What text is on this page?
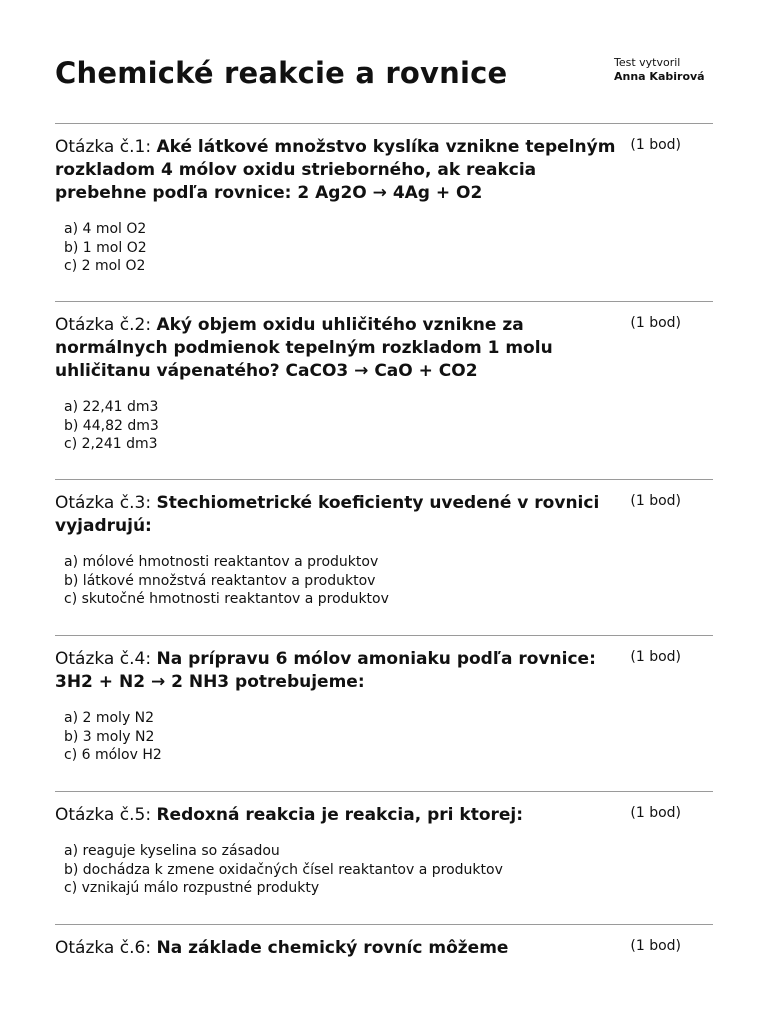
Chemické reakcie a rovnice	Test vytvoril
Anna Kabirová
Otázka č.1: Aké látkové množstvo kyslíka vznikne tepelným rozkladom 4 mólov oxidu strieborného, ak reakcia prebehne podľa rovnice: 2 Ag2O → 4Ag + O2
(1 bod)
a) 4 mol O2
b) 1 mol O2
c) 2 mol O2
Otázka č.2: Aký objem oxidu uhličitého vznikne za normálnych podmienok tepelným rozkladom 1 molu uhličitanu vápenatého? CaCO3 → CaO + CO2
(1 bod)
a) 22,41 dm3
b) 44,82 dm3
c) 2,241 dm3
Otázka č.3: Stechiometrické koeficienty uvedené v rovnici vyjadrujú:
(1 bod)
a) mólové hmotnosti reaktantov a produktov
b) látkové množstvá reaktantov a produktov
c) skutočné hmotnosti reaktantov a produktov
Otázka č.4: Na prípravu 6 mólov amoniaku podľa rovnice: 3H2 + N2 → 2 NH3 potrebujeme:
(1 bod)
a) 2 moly N2
b) 3 moly N2
c) 6 mólov H2
Otázka č.5: Redoxná reakcia je reakcia, pri ktorej:	(1 bod)
a) reaguje kyselina so zásadou
b) dochádza k zmene oxidačných čísel reaktantov a produktov
c) vznikajú málo rozpustné produkty
Otázka č.6: Na základe chemický rovníc môžeme	(1 bod)
